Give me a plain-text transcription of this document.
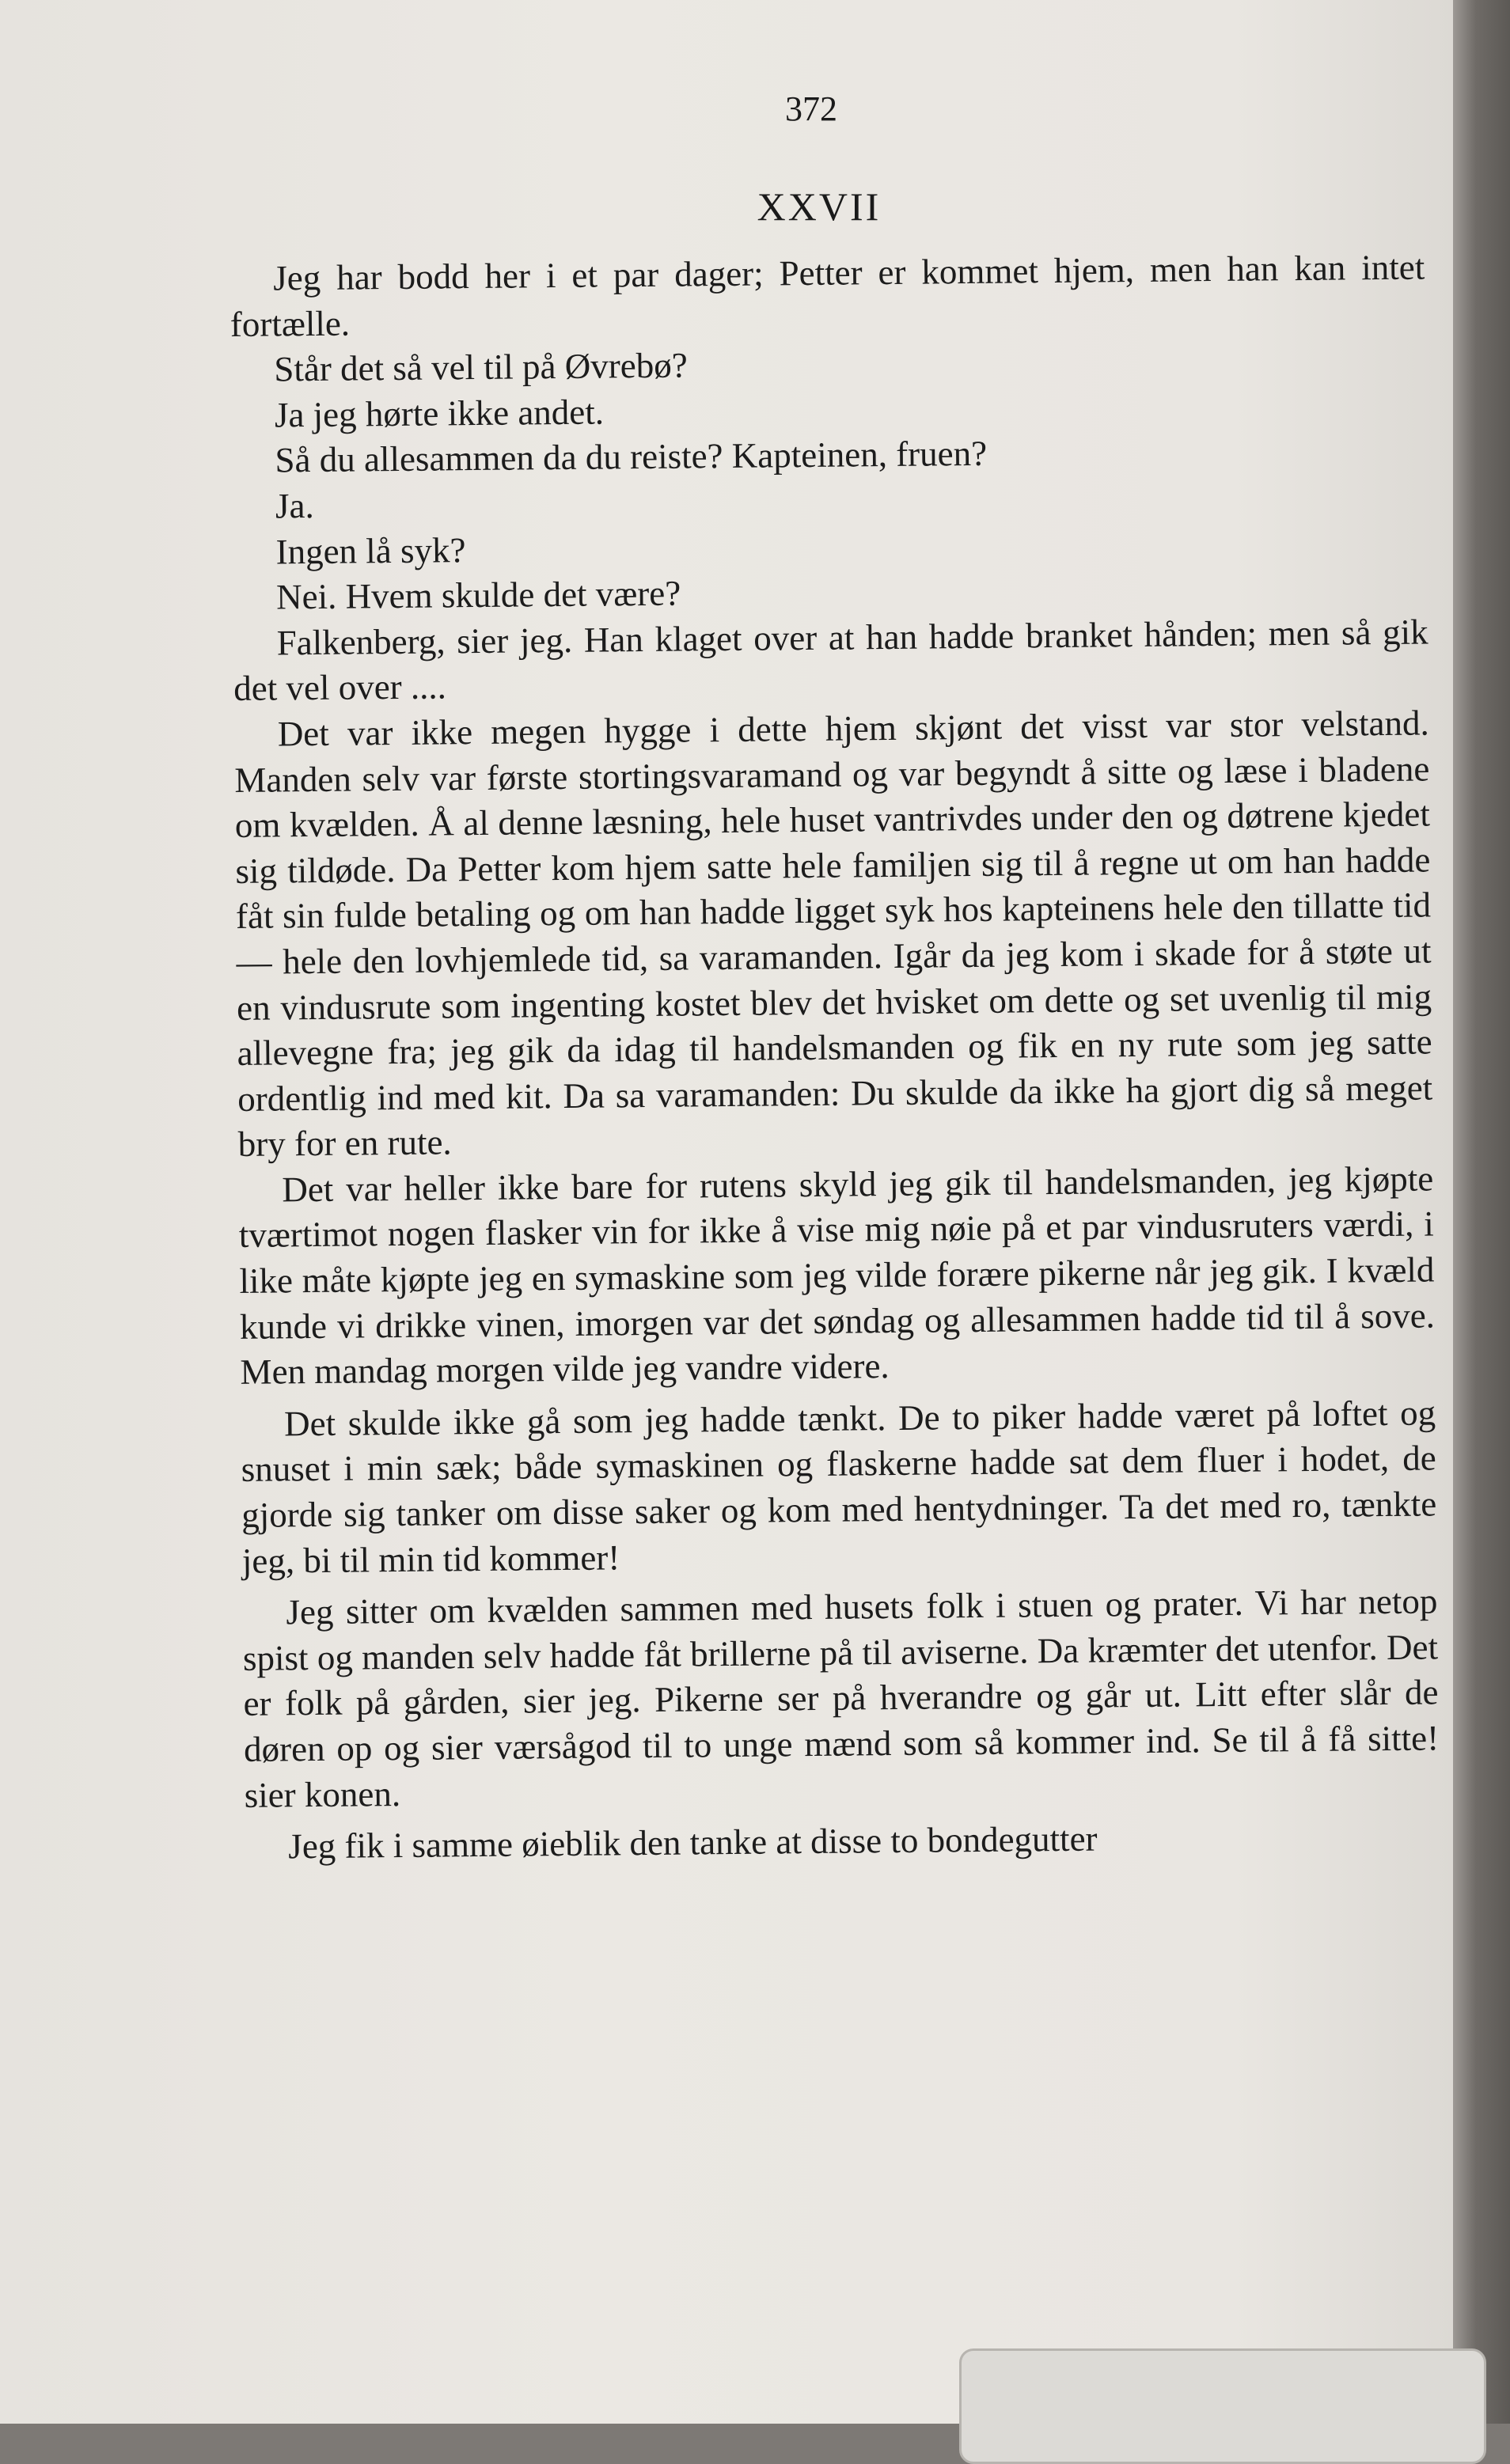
372
XXVII

Jeg har bodd her i et par dager; Petter er kommet hjem, men han kan intet fortælle.

Står det så vel til på Øvrebø?

Ja jeg hørte ikke andet.

Så du allesammen da du reiste? Kapteinen, fruen?

Ja.

Ingen lå syk?

Nei. Hvem skulde det være?

Falkenberg, sier jeg. Han klaget over at han hadde branket hånden; men så gik det vel over ....

Det var ikke megen hygge i dette hjem skjønt det visst var stor velstand. Manden selv var første stortingsvaramand og var begyndt å sitte og læse i bladene om kvælden. Å al denne læsning, hele huset vantrivdes under den og døtrene kjedet sig tildøde. Da Petter kom hjem satte hele familjen sig til å regne ut om han hadde fåt sin fulde betaling og om han hadde ligget syk hos kapteinens hele den tillatte tid — hele den lovhjemlede tid, sa varamanden. Igår da jeg kom i skade for å støte ut en vindusrute som ingenting kostet blev det hvisket om dette og set uvenlig til mig allevegne fra; jeg gik da idag til handelsmanden og fik en ny rute som jeg satte ordentlig ind med kit. Da sa varamanden: Du skulde da ikke ha gjort dig så meget bry for en rute.

Det var heller ikke bare for rutens skyld jeg gik til handelsmanden, jeg kjøpte tværtimot nogen flasker vin for ikke å vise mig nøie på et par vindusruters værdi, i like måte kjøpte jeg en symaskine som jeg vilde forære pikerne når jeg gik. I kvæld kunde vi drikke vinen, imorgen var det søndag og allesammen hadde tid til å sove. Men mandag morgen vilde jeg vandre videre.

Det skulde ikke gå som jeg hadde tænkt. De to piker hadde været på loftet og snuset i min sæk; både symaskinen og flaskerne hadde sat dem fluer i hodet, de gjorde sig tanker om disse saker og kom med hentydninger. Ta det med ro, tænkte jeg, bi til min tid kommer!

Jeg sitter om kvælden sammen med husets folk i stuen og prater. Vi har netop spist og manden selv hadde fåt brillerne på til aviserne. Da kræmter det utenfor. Det er folk på gården, sier jeg. Pikerne ser på hverandre og går ut. Litt efter slår de døren op og sier værsågod til to unge mænd som så kommer ind. Se til å få sitte! sier konen.

Jeg fik i samme øieblik den tanke at disse to bondegutter
